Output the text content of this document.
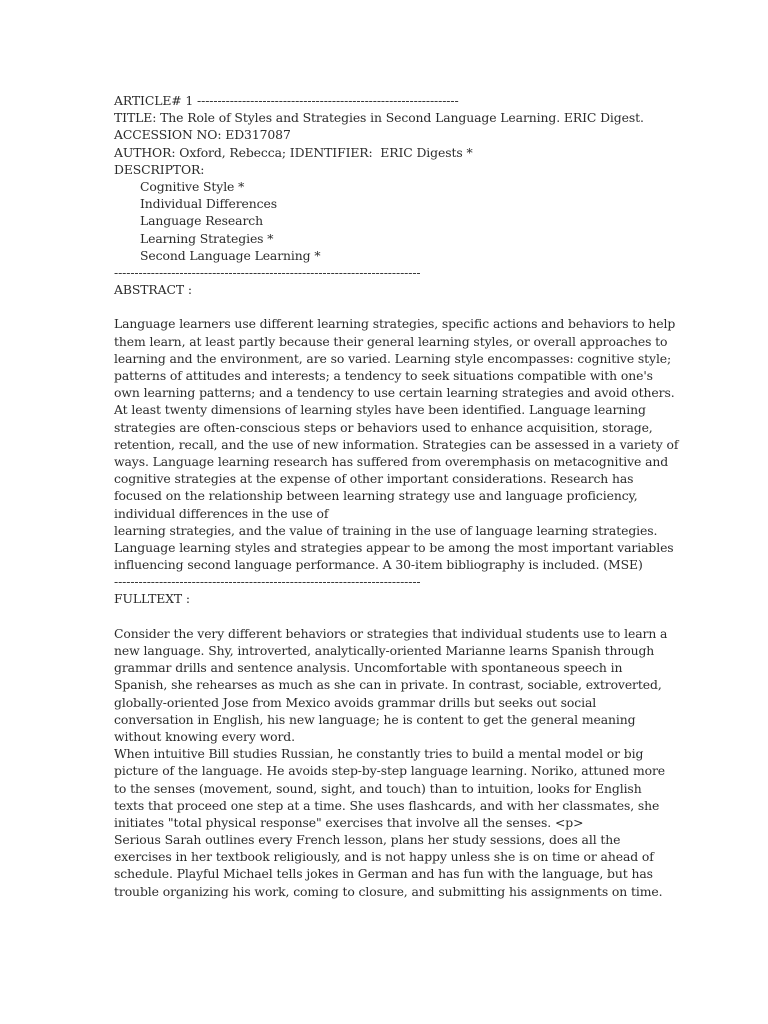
ARTICLE# 1 ----------------------------------------------------------------
TITLE: The Role of Styles and Strategies in Second Language Learning. ERIC Digest.
ACCESSION NO: ED317087
AUTHOR: Oxford, Rebecca; IDENTIFIER:  ERIC Digests *
DESCRIPTOR:
Cognitive Style *
Individual Differences
Language Research
Learning Strategies *
Second Language Learning *
---------------------------------------------------------------------------
ABSTRACT :
Language learners use different learning strategies, specific actions and behaviors to help
them learn, at least partly because their general learning styles, or overall approaches to
learning and the environment, are so varied. Learning style encompasses: cognitive style;
patterns of attitudes and interests; a tendency to seek situations compatible with one's
own learning patterns; and a tendency to use certain learning strategies and avoid others.
At least twenty dimensions of learning styles have been identified. Language learning
strategies are often-conscious steps or behaviors used to enhance acquisition, storage,
retention, recall, and the use of new information. Strategies can be assessed in a variety of
ways. Language learning research has suffered from overemphasis on metacognitive and
cognitive strategies at the expense of other important considerations. Research has
focused on the relationship between learning strategy use and language proficiency,
individual differences in the use of
learning strategies, and the value of training in the use of language learning strategies.
Language learning styles and strategies appear to be among the most important variables
influencing second language performance. A 30-item bibliography is included. (MSE)
---------------------------------------------------------------------------
FULLTEXT :
Consider the very different behaviors or strategies that individual students use to learn a
new language. Shy, introverted, analytically-oriented Marianne learns Spanish through
grammar drills and sentence analysis. Uncomfortable with spontaneous speech in
Spanish, she rehearses as much as she can in private. In contrast, sociable, extroverted,
globally-oriented Jose from Mexico avoids grammar drills but seeks out social
conversation in English, his new language; he is content to get the general meaning
without knowing every word.
When intuitive Bill studies Russian, he constantly tries to build a mental model or big
picture of the language. He avoids step-by-step language learning. Noriko, attuned more
to the senses (movement, sound, sight, and touch) than to intuition, looks for English
texts that proceed one step at a time. She uses flashcards, and with her classmates, she
initiates "total physical response" exercises that involve all the senses. <p>
Serious Sarah outlines every French lesson, plans her study sessions, does all the
exercises in her textbook religiously, and is not happy unless she is on time or ahead of
schedule. Playful Michael tells jokes in German and has fun with the language, but has
trouble organizing his work, coming to closure, and submitting his assignments on time.
